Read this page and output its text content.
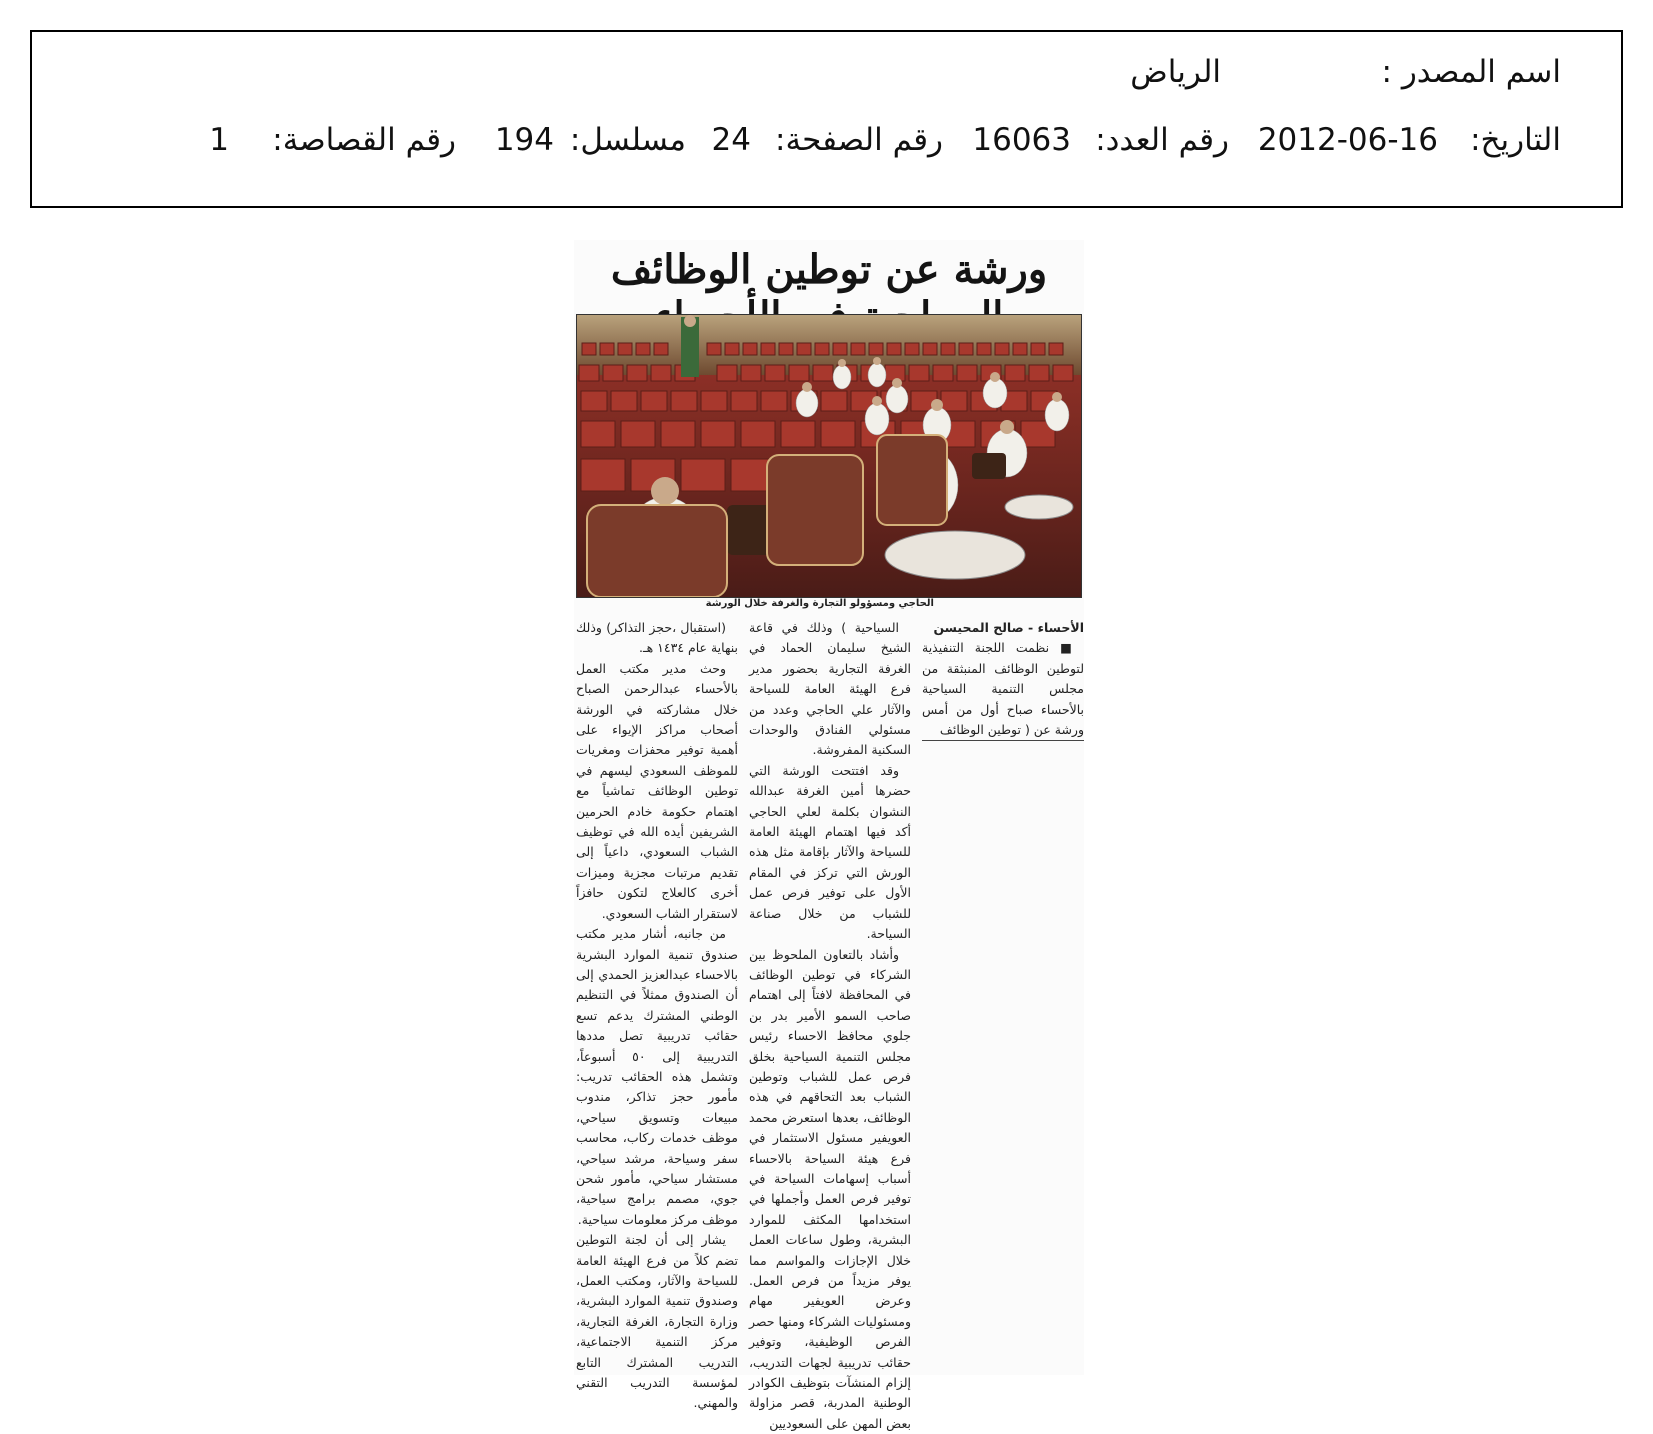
اسم المصدر :
الرياض
التاريخ:
2012-06-16
رقم العدد:
16063
رقم الصفحة:
24
مسلسل:
194
رقم القصاصة:
1
ورشة عن توطين الوظائف
الحاجي ومسؤولو التجارة والغرفة خلال الورشة

الأحساء - صالح المحيسن

■ نظمت اللجنة التنفيذية لتوطين الوظائف المنبثقة من مجلس التنمية السياحية بالأحساء صباح أول من أمس ورشة عن ( توطين الوظائف

السياحية ) وذلك في قاعة الشيخ سليمان الحماد في الغرفة التجارية بحضور مدير فرع الهيئة العامة للسياحة والآثار علي الحاجي وعدد من مسئولي الفنادق والوحدات السكنية المفروشة.

وقد افتتحت الورشة التي حضرها أمين الغرفة عبدالله النشوان بكلمة لعلي الحاجي أكد فيها اهتمام الهيئة العامة للسياحة والآثار بإقامة مثل هذه الورش التي تركز في المقام الأول على توفير فرص عمل للشباب من خلال صناعة السياحة.

وأشاد بالتعاون الملحوظ بين الشركاء في توطين الوظائف في المحافظة لافتاً إلى اهتمام صاحب السمو الأمير بدر بن جلوي محافظ الاحساء رئيس مجلس التنمية السياحية بخلق فرص عمل للشباب وتوطين الشباب بعد التحاقهم في هذه الوظائف، بعدها استعرض محمد العويفير مسئول الاستثمار في فرع هيئة السياحة بالاحساء أسباب إسهامات السياحة في توفير فرص العمل وأجملها في استخدامها المكثف للموارد البشرية، وطول ساعات العمل خلال الإجازات والمواسم مما يوفر مزيداً من فرص العمل. وعرض العويفير مهام ومسئوليات الشركاء ومنها حصر الفرص الوظيفية، وتوفير حقائب تدريبية لجهات التدريب، إلزام المنشآت بتوظيف الكوادر الوطنية المدربة، قصر مزاولة بعض المهن على السعوديين

(استقبال ،حجز التذاكر) وذلك بنهاية عام ١٤٣٤ هـ.

وحث مدير مكتب العمل بالأحساء عبدالرحمن الصباح خلال مشاركته في الورشة أصحاب مراكز الإيواء على أهمية توفير محفزات ومغريات للموظف السعودي ليسهم في توطين الوظائف تماشياً مع اهتمام حكومة خادم الحرمين الشريفين أيده الله في توظيف الشباب السعودي، داعياً إلى تقديم مرتبات مجزية وميزات أخرى كالعلاج لتكون حافزاً لاستقرار الشاب السعودي.

من جانبه، أشار مدير مكتب صندوق تنمية الموارد البشرية بالاحساء عبدالعزيز الحمدي إلى أن الصندوق ممثلاً في التنظيم الوطني المشترك يدعم تسع حقائب تدريبية تصل مددها التدريبية إلى ٥٠ أسبوعاً، وتشمل هذه الحقائب تدريب: مأمور حجز تذاكر، مندوب مبيعات وتسويق سياحي، موظف خدمات ركاب، محاسب سفر وسياحة، مرشد سياحي، مستشار سياحي، مأمور شحن جوي، مصمم برامج سياحية، موظف مركز معلومات سياحية.

يشار إلى أن لجنة التوطين تضم كلاً من فرع الهيئة العامة للسياحة والآثار، ومكتب العمل، وصندوق تنمية الموارد البشرية، وزارة التجارة، الغرفة التجارية، مركز التنمية الاجتماعية، التدريب المشترك التابع لمؤسسة التدريب التقني والمهني.
